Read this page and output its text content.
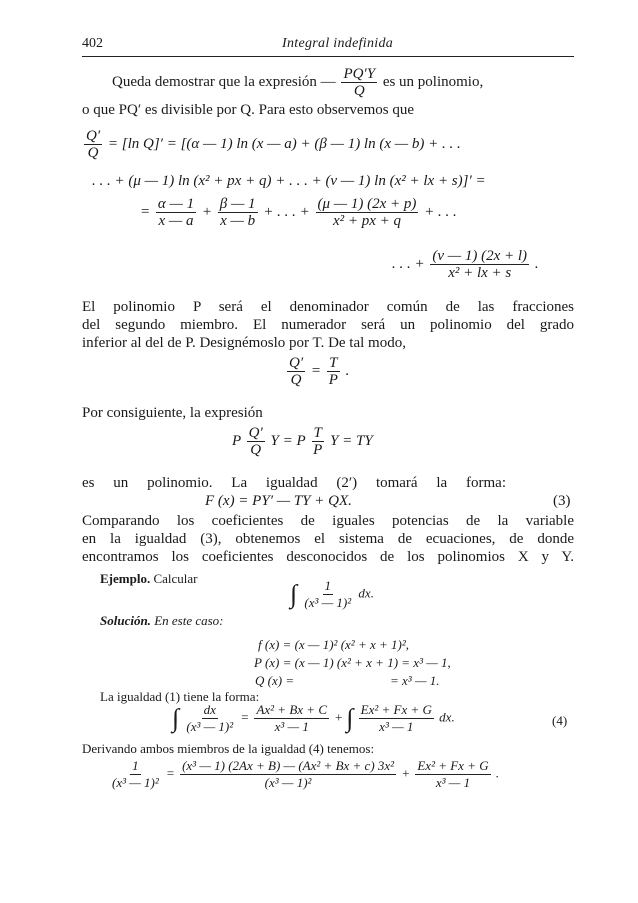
402	Integral indefinida
Queda demostrar que la expresión — $\frac{PQ'Y}{Q}$ es un polinomio,
o que PQ′ es divisible por Q. Para esto observemos que
$\frac{Q'}{Q} = [\ln$ Q]′ = [(α — 1) ln (x — a) + (β — 1) ln (x — b) + . . .
. . . + (μ — 1) ln (x² + px + q) + . . . + (ν — 1) ln (x² + lx + s)]′ =
= $\frac{\alpha — 1}{x — a} + \frac{\beta — 1}{x — b}$ + . . . + $\frac{(\mu — 1) (2x + p)}{\text{x² + px + q}}$ + . . .
. . . + $\frac{(\nu — 1) (2x + l)}{\text{x² + lx + s}}$ .
El polinomio P será el denominador común de las fracciones
del segundo miembro. El numerador será un polinomio del grado
inferior al del de P. Designémoslo por T. De tal modo,
$\frac{Q'}{Q} = \frac{T}{P}$ .
Por consiguiente, la expresión
P $\frac{Q'}{Q}$ Y = P $\frac{T}{P}$ Y = TY
es un polinomio. La igualdad (2′) tomará la forma:
F (x) = PY′ — TY + QX.	(3)
Comparando los coeficientes de iguales potencias de la variable
en la igualdad (3), obtenemos el sistema de ecuaciones, de donde
encontramos los coeficientes desconocidos de los polinomios X y Y.
Ejemplo. Calcular
∫ $\frac{1}{\text{(x³ — 1)²}}$ dx.
Solución. En este caso:
f (x) = (x — 1)² (x² + x + 1)²,
P (x) = (x — 1) (x² + x + 1) = x³ — 1,
Q (x) =	= x³ — 1.
La igualdad (1) tiene la forma:
∫ $\frac{dx}{\text{(x³ — 1)²}} = \frac{\text{Ax² + Bx + C}}{\text{x³ — 1}}$ + ∫ $\frac{\text{Ex² + Fx + G}}{\text{x³ — 1}}$ dx.	(4)
Derivando ambos miembros de la igualdad (4) tenemos:
$\frac{1}{\text{(x³ — 1)²}} = \frac{\text{(x³ — 1) (2Ax + B) — (Ax² + Bx + c) 3x²}}{\text{(x³ — 1)²}} + \frac{\text{Ex² + Fx + G}}{\text{x³ — 1}}$ .
